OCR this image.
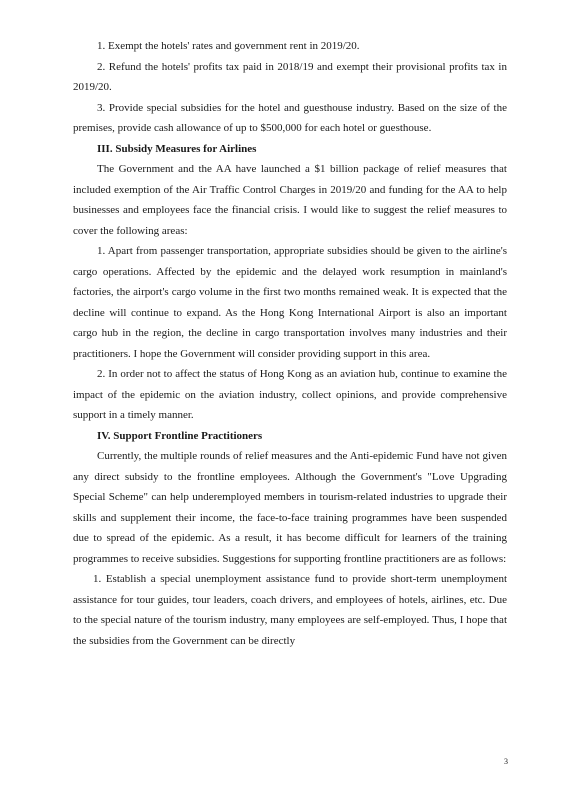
1. Exempt the hotels' rates and government rent in 2019/20.

2. Refund the hotels' profits tax paid in 2018/19 and exempt their provisional profits tax in 2019/20.

3. Provide special subsidies for the hotel and guesthouse industry. Based on the size of the premises, provide cash allowance of up to $500,000 for each hotel or guesthouse.

III. Subsidy Measures for Airlines

The Government and the AA have launched a $1 billion package of relief measures that included exemption of the Air Traffic Control Charges in 2019/20 and funding for the AA to help businesses and employees face the financial crisis. I would like to suggest the relief measures to cover the following areas:

1. Apart from passenger transportation, appropriate subsidies should be given to the airline's cargo operations. Affected by the epidemic and the delayed work resumption in mainland's factories, the airport's cargo volume in the first two months remained weak. It is expected that the decline will continue to expand. As the Hong Kong International Airport is also an important cargo hub in the region, the decline in cargo transportation involves many industries and their practitioners. I hope the Government will consider providing support in this area.

2. In order not to affect the status of Hong Kong as an aviation hub, continue to examine the impact of the epidemic on the aviation industry, collect opinions, and provide comprehensive support in a timely manner.

IV. Support Frontline Practitioners

Currently, the multiple rounds of relief measures and the Anti-epidemic Fund have not given any direct subsidy to the frontline employees. Although the Government's "Love Upgrading Special Scheme" can help underemployed members in tourism-related industries to upgrade their skills and supplement their income, the face-to-face training programmes have been suspended due to spread of the epidemic. As a result, it has become difficult for learners of the training programmes to receive subsidies. Suggestions for supporting frontline practitioners are as follows:

1. Establish a special unemployment assistance fund to provide short-term unemployment assistance for tour guides, tour leaders, coach drivers, and employees of hotels, airlines, etc. Due to the special nature of the tourism industry, many employees are self-employed. Thus, I hope that the subsidies from the Government can be directly

3
